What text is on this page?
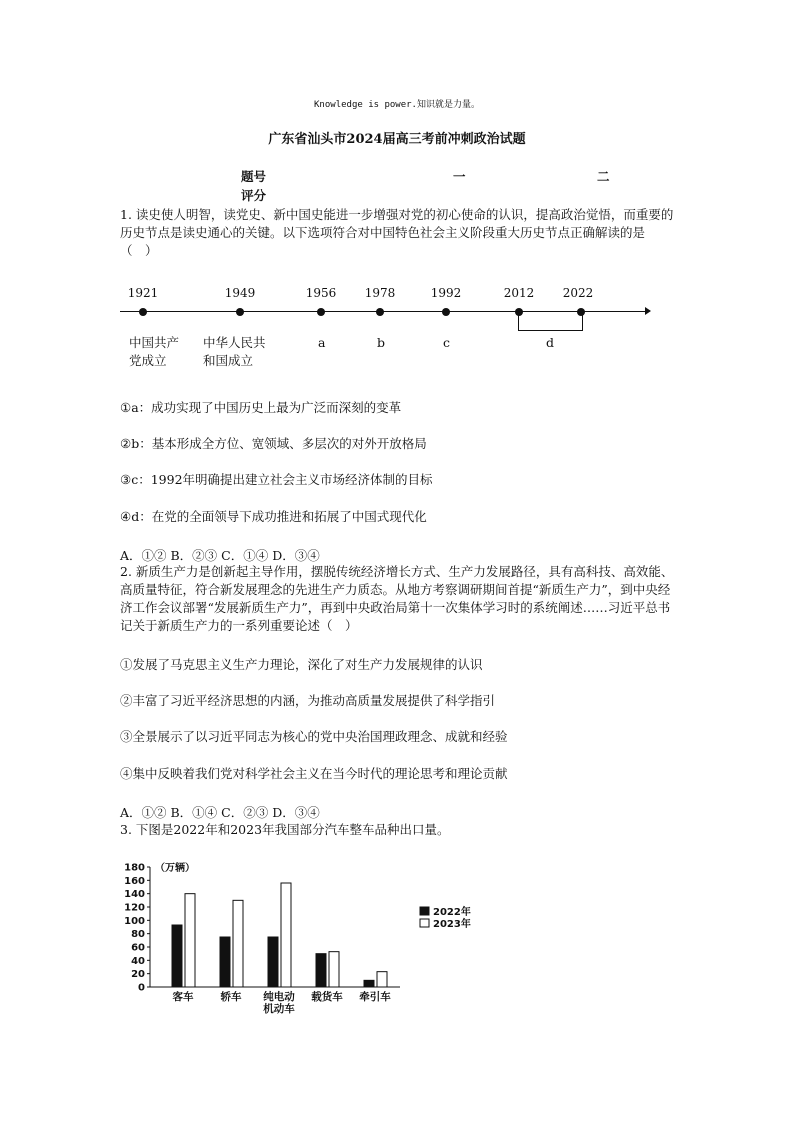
Knowledge is power.知识就是力量。
广东省汕头市2024届高三考前冲刺政治试题
题号	一	二
评分
1. 读史使人明智，读党史、新中国史能进一步增强对党的初心使命的认识，提高政治觉悟，而重要的历史节点是读史通心的关键。以下选项符合对中国特色社会主义阶段重大历史节点正确解读的是（　）
1921	1949	1956 1978	1992	2012 2022
中国共产
党成立
中华人民共
和国成立
a	b	c	d
①a：成功实现了中国历史上最为广泛而深刻的变革
②b：基本形成全方位、宽领域、多层次的对外开放格局
③c：1992年明确提出建立社会主义市场经济体制的目标
④d：在党的全面领导下成功推进和拓展了中国式现代化
A．①② B．②③ C．①④ D．③④
2. 新质生产力是创新起主导作用，摆脱传统经济增长方式、生产力发展路径，具有高科技、高效能、高质量特征，符合新发展理念的先进生产力质态。从地方考察调研期间首提“新质生产力”，到中央经济工作会议部署“发展新质生产力”，再到中央政治局第十一次集体学习时的系统阐述……习近平总书记关于新质生产力的一系列重要论述（　）
①发展了马克思主义生产力理论，深化了对生产力发展规律的认识
②丰富了习近平经济思想的内涵，为推动高质量发展提供了科学指引
③全景展示了以习近平同志为核心的党中央治国理政理念、成就和经验
④集中反映着我们党对科学社会主义在当今时代的理论思考和理论贡献
A．①② B．①④ C．②③ D．③④
3. 下图是2022年和2023年我国部分汽车整车品种出口量。
0
20
40
60
80
100
120
140
160
180 （万辆）
客车	轿车 纯电动
机动车
载货车 牵引车
2022年
2023年
